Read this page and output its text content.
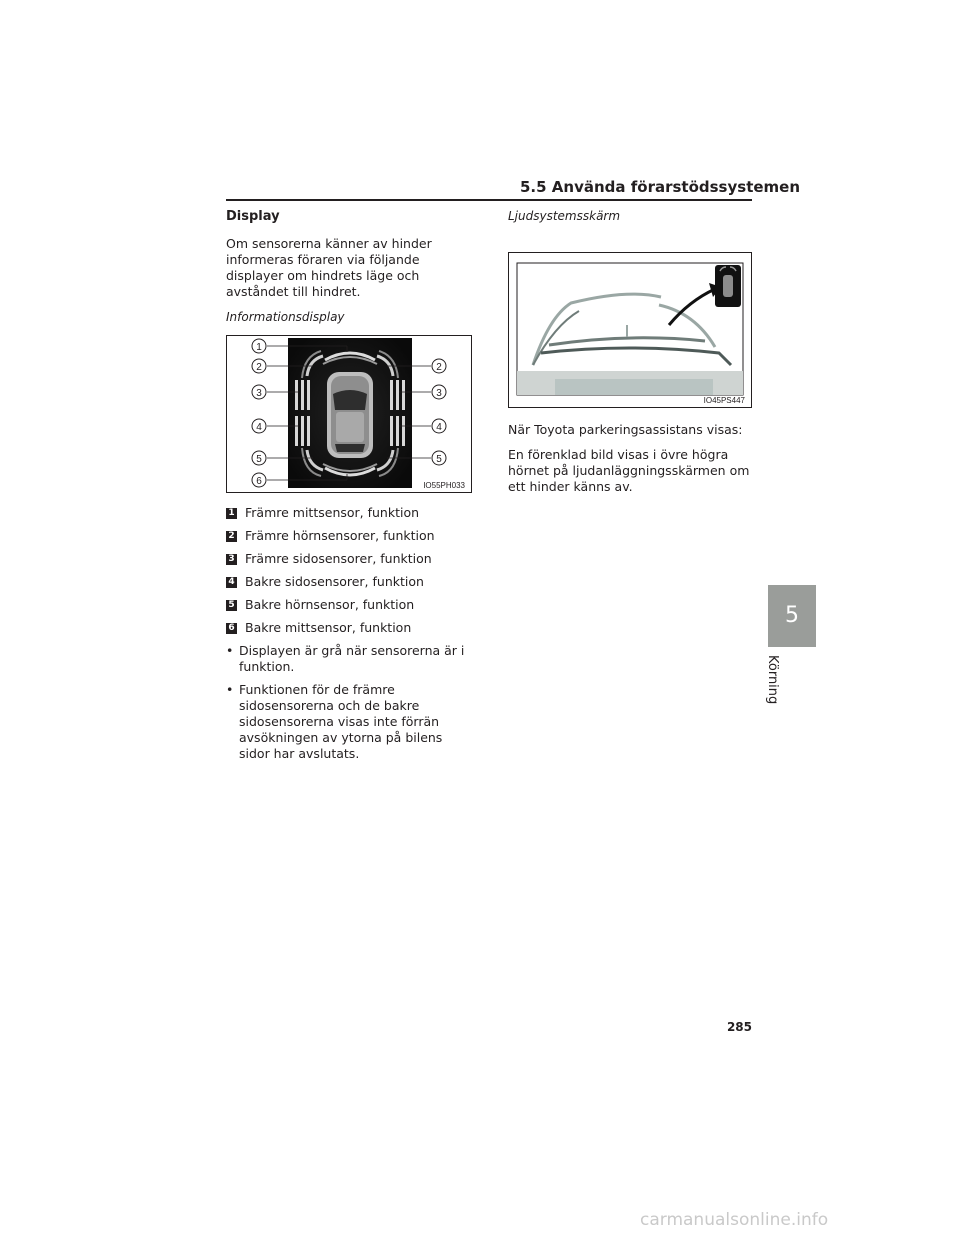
5.5 Använda förarstödssystemen
Display

Om sensorerna känner av hinder informeras föraren via följande displayer om hindrets läge och avståndet till hindret.

Informationsdisplay
1
2	2
3	3
4	4
5	5
6	IO55PH033
1 Främre mittsensor, funktion
2 Främre hörnsensorer, funktion
3 Främre sidosensorer, funktion
4 Bakre sidosensorer, funktion
5 Bakre hörnsensor, funktion
6 Bakre mittsensor, funktion
• Displayen är grå när sensorerna är i funktion.
• Funktionen för de främre sidosensorerna och de bakre sidosensorerna visas inte förrän avsökningen av ytorna på bilens sidor har avslutats.
Ljudsystemsskärm
IO45PS447

När Toyota parkeringsassistans visas:

En förenklad bild visas i övre högra hörnet på ljudanläggningsskärmen om ett hinder känns av.

5
Körning
285
carmanualsonline.info
